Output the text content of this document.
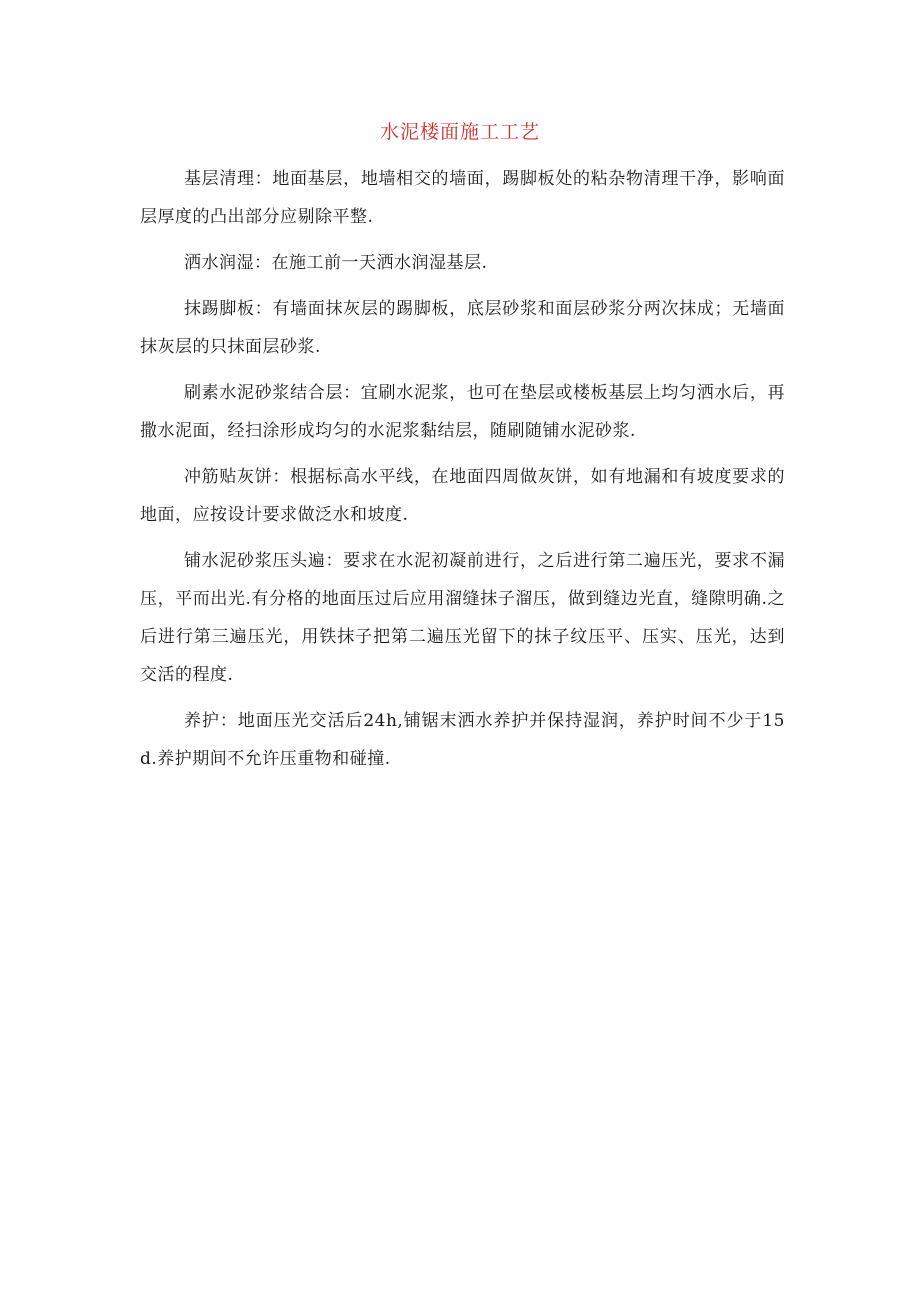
水泥楼面施工工艺

基层清理：地面基层，地墙相交的墙面，踢脚板处的粘杂物清理干净，影响面层厚度的凸出部分应剔除平整.

洒水润湿：在施工前一天洒水润湿基层.

抹踢脚板：有墙面抹灰层的踢脚板，底层砂浆和面层砂浆分两次抹成；无墙面抹灰层的只抹面层砂浆.

刷素水泥砂浆结合层：宜刷水泥浆，也可在垫层或楼板基层上均匀洒水后，再撒水泥面，经扫涂形成均匀的水泥浆黏结层，随刷随铺水泥砂浆.

冲筋贴灰饼：根据标高水平线，在地面四周做灰饼，如有地漏和有坡度要求的地面，应按设计要求做泛水和坡度.

铺水泥砂浆压头遍：要求在水泥初凝前进行，之后进行第二遍压光，要求不漏压，平而出光.有分格的地面压过后应用溜缝抹子溜压，做到缝边光直，缝隙明确.之后进行第三遍压光，用铁抹子把第二遍压光留下的抹子纹压平、压实、压光，达到交活的程度.

养护：地面压光交活后24h,铺锯末洒水养护并保持湿润，养护时间不少于15d.养护期间不允许压重物和碰撞.
